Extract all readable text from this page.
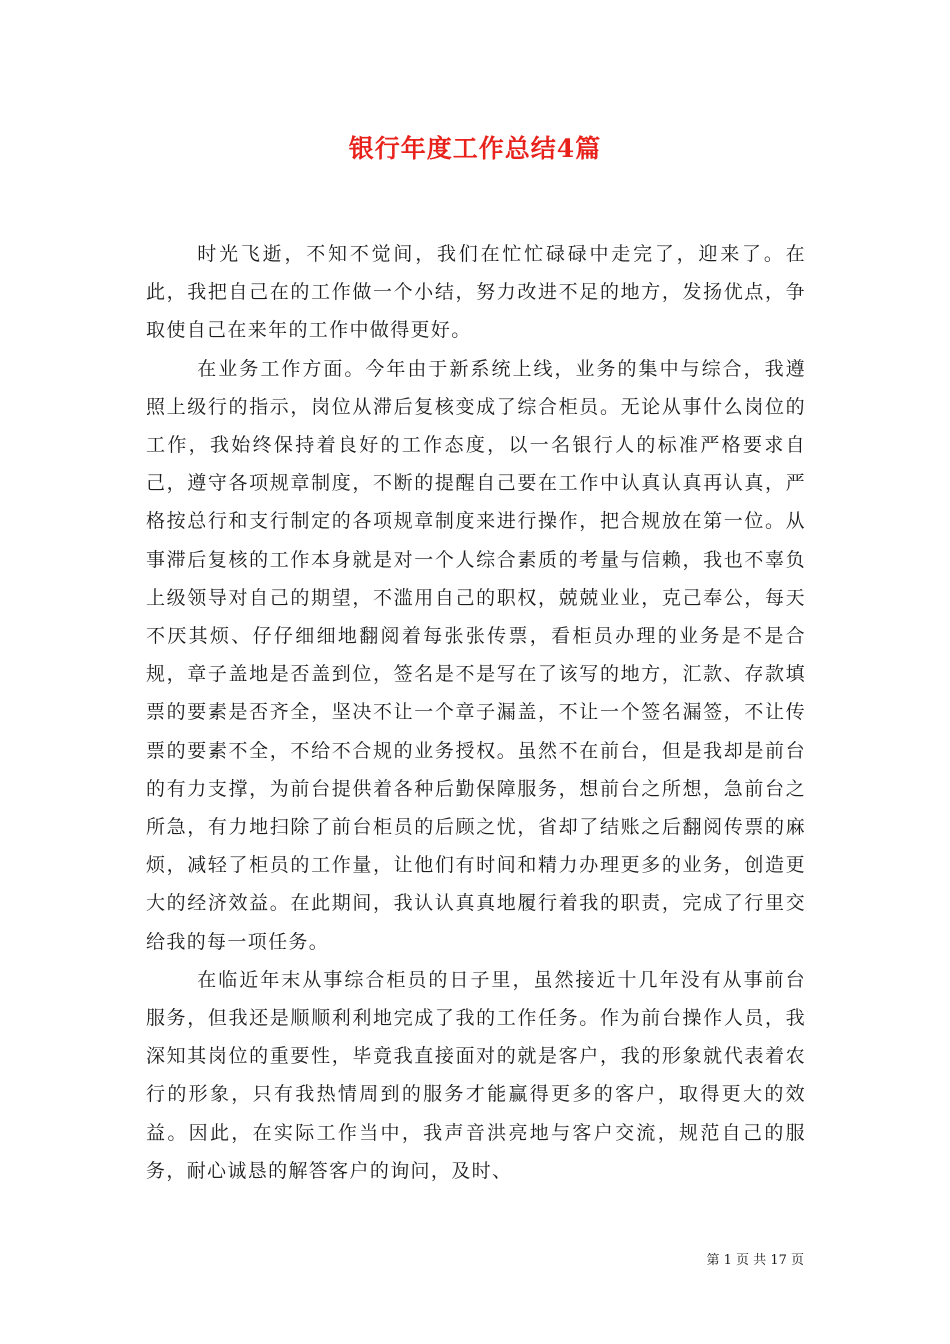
银行年度工作总结4篇

时光飞逝，不知不觉间，我们在忙忙碌碌中走完了，迎来了。在此，我把自己在的工作做一个小结，努力改进不足的地方，发扬优点，争取使自己在来年的工作中做得更好。

在业务工作方面。今年由于新系统上线，业务的集中与综合，我遵照上级行的指示，岗位从滞后复核变成了综合柜员。无论从事什么岗位的工作，我始终保持着良好的工作态度，以一名银行人的标准严格要求自己，遵守各项规章制度，不断的提醒自己要在工作中认真认真再认真，严格按总行和支行制定的各项规章制度来进行操作，把合规放在第一位。从事滞后复核的工作本身就是对一个人综合素质的考量与信赖，我也不辜负上级领导对自己的期望，不滥用自己的职权，兢兢业业，克己奉公，每天不厌其烦、仔仔细细地翻阅着每张张传票，看柜员办理的业务是不是合规，章子盖地是否盖到位，签名是不是写在了该写的地方，汇款、存款填票的要素是否齐全，坚决不让一个章子漏盖，不让一个签名漏签，不让传票的要素不全，不给不合规的业务授权。虽然不在前台，但是我却是前台的有力支撑，为前台提供着各种后勤保障服务，想前台之所想，急前台之所急，有力地扫除了前台柜员的后顾之忧，省却了结账之后翻阅传票的麻烦，减轻了柜员的工作量，让他们有时间和精力办理更多的业务，创造更大的经济效益。在此期间，我认认真真地履行着我的职责，完成了行里交给我的每一项任务。

在临近年末从事综合柜员的日子里，虽然接近十几年没有从事前台服务，但我还是顺顺利利地完成了我的工作任务。作为前台操作人员，我深知其岗位的重要性，毕竟我直接面对的就是客户，我的形象就代表着农行的形象，只有我热情周到的服务才能赢得更多的客户，取得更大的效益。因此，在实际工作当中，我声音洪亮地与客户交流，规范自己的服务，耐心诚恳的解答客户的询问，及时、

第 1 页 共 17 页
